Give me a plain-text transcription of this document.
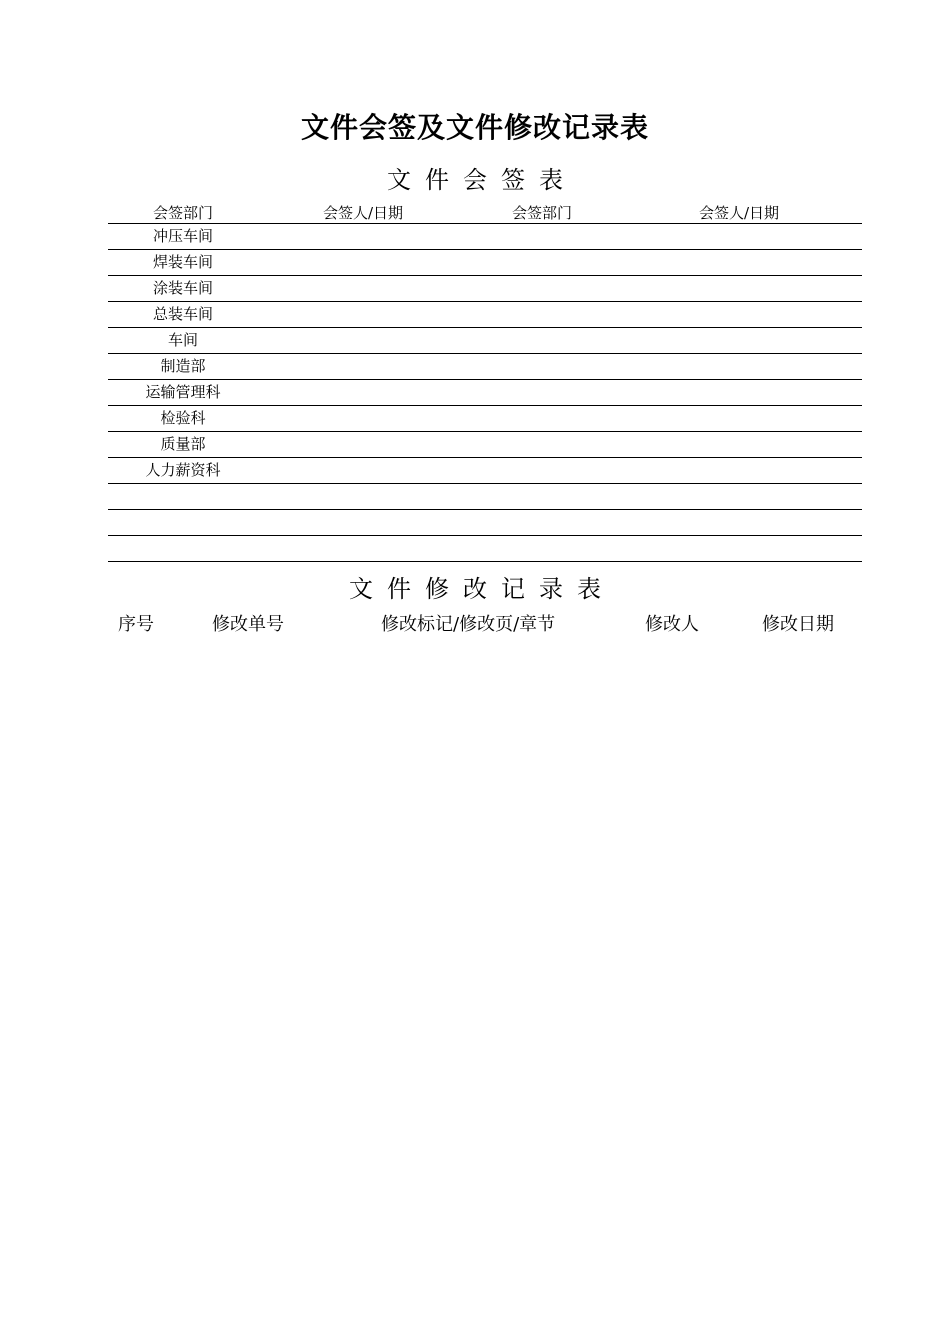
文件会签及文件修改记录表
文件会签表
会签部门	会签人/日期	会签部门	会签人/日期
冲压车间			
焊装车间			
涂装车间			
总装车间			
车间			
制造部			
运输管理科			
检验科			
质量部			
人力薪资科			

文件修改记录表
序号	修改单号	修改标记/修改页/章节	修改人	修改日期
